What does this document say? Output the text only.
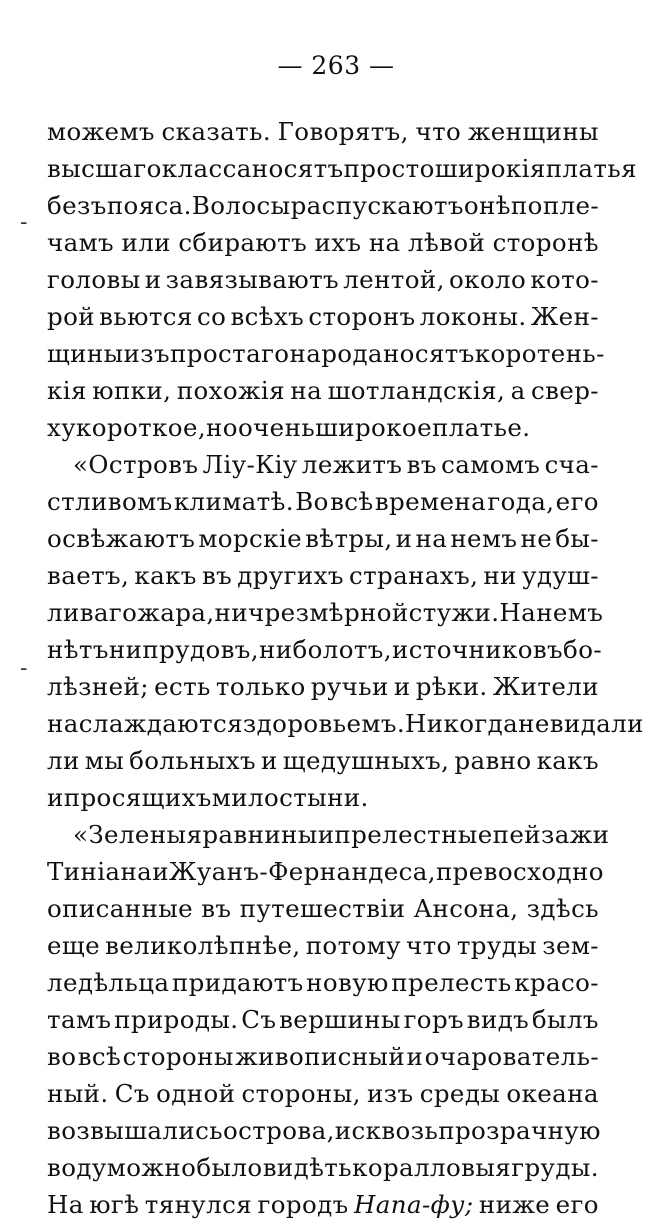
— 263 —
-
-
можемъ сказать. Говорятъ, что женщины
высшаго класса носятъ просто широкія платья
безъ пояса. Волосы распускаютъ онѣ по пле-
чамъ или сбираютъ ихъ на лѣвой сторонѣ
головы и завязываютъ лентой, около кото-
рой вьются со всѣхъ сторонъ локоны. Жен-
щины изъ простаго народа носятъ коротень-
кія юпки, похожія на шотландскія, а свер-
ху короткое, но очень широкое платье.
«Островъ Ліу-Кіу лежитъ въ самомъ сча-
стливомъ климатѣ. Во всѣ времена года, его
освѣжаютъ морскіе вѣтры, и на немъ не бы-
ваетъ, какъ въ другихъ странахъ, ни удуш-
ливаго жара, ни чрезмѣрной стужи. На немъ
нѣтъ ни прудовъ, ни болотъ, источниковъ бо-
лѣзней; есть только ручьи и рѣки. Жители
наслаждаются здоровьемъ. Никогда не видали
ли мы больныхъ и щедушныхъ, равно какъ
и просящихъ милостыни.
«Зеленыя равнины и прелестные пейзажи
Тиніана и Жуанъ-Фернандеса, превосходно
описанные въ путешествіи Ансона, здѣсь
еще великолѣпнѣе, потому что труды зем-
ледѣльца придаютъ новую прелесть красо-
тамъ природы. Съ вершины горъ видъ былъ
во всѣ стороны живописный и очарователь-
ный. Съ одной стороны, изъ среды океана
возвышались острова, и сквозь прозрачную
воду можно было видѣть коралловыя груды.
На югѣ тянулся городъ Напа-фу; ниже его
